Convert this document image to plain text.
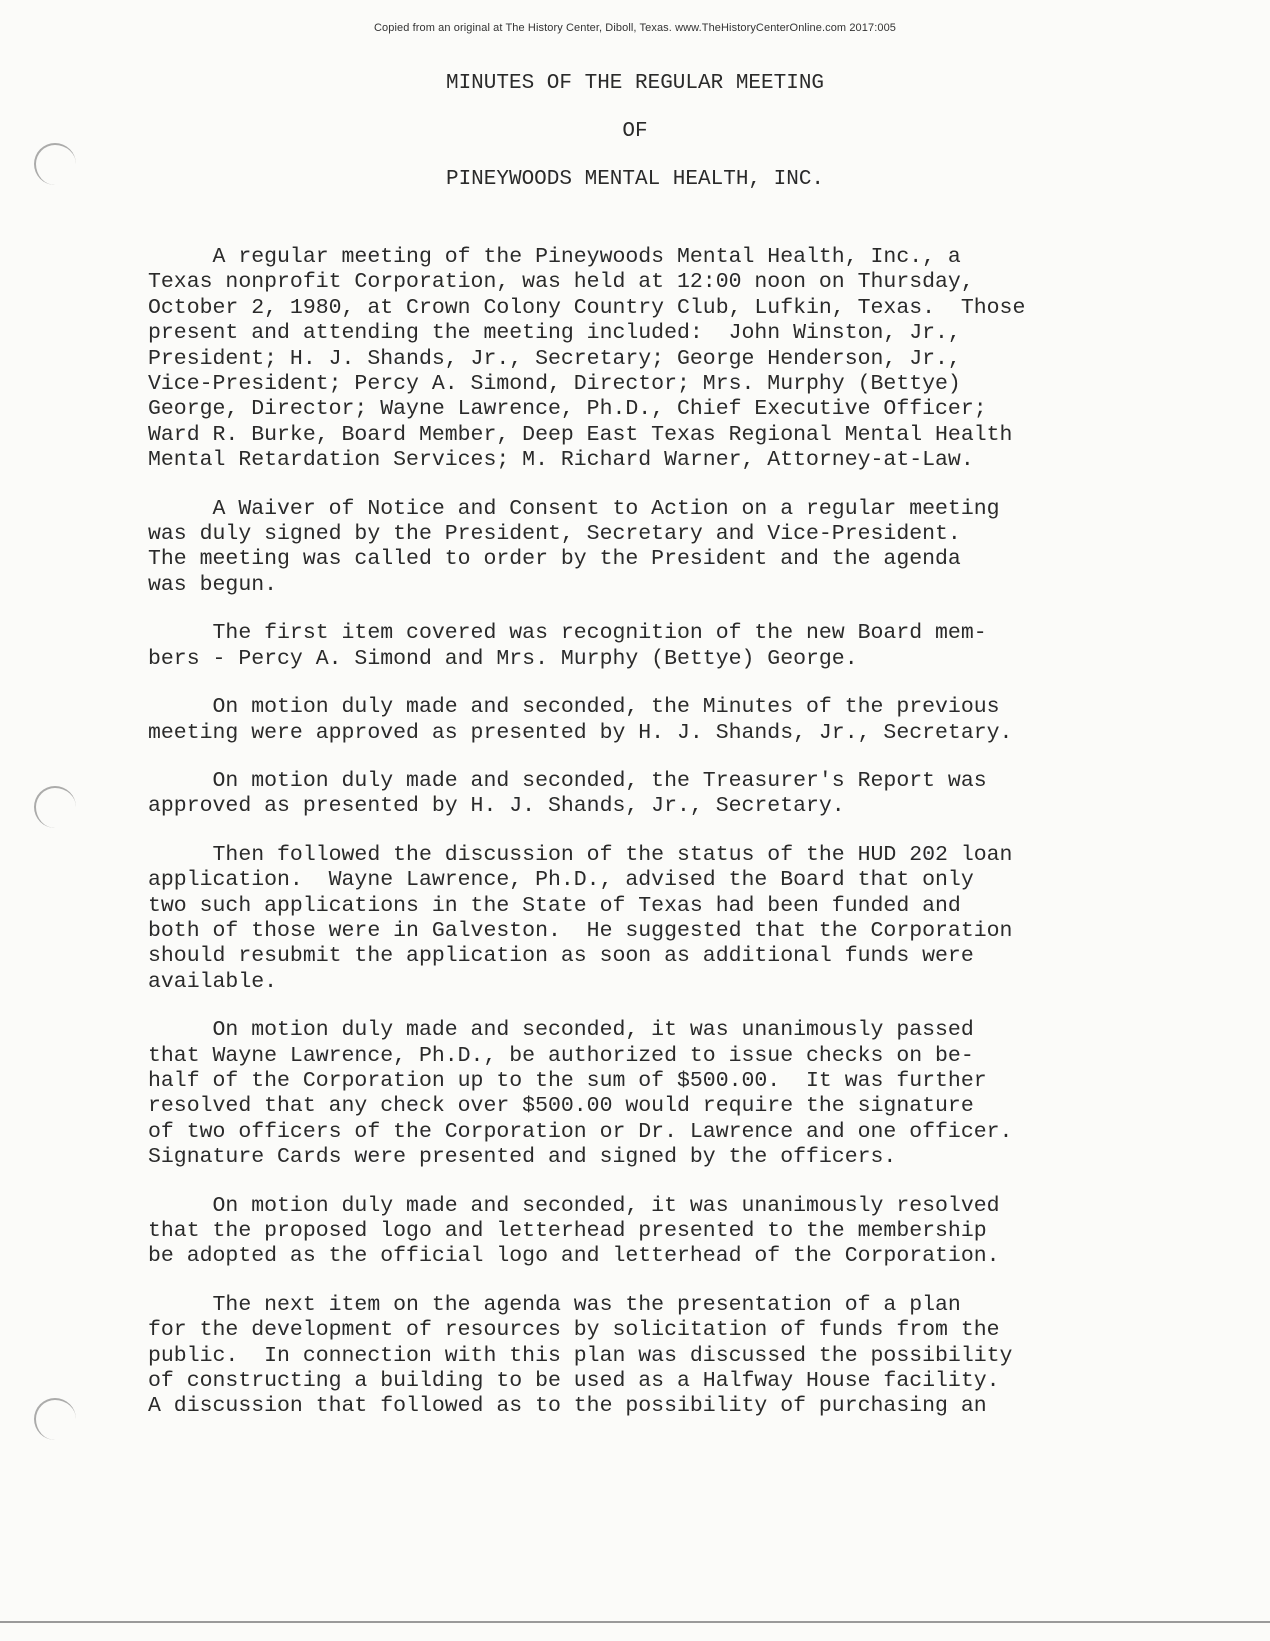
Copied from an original at The History Center, Diboll, Texas. www.TheHistoryCenterOnline.com 2017:005
MINUTES OF THE REGULAR MEETING
OF
PINEYWOODS MENTAL HEALTH, INC.
A regular meeting of the Pineywoods Mental Health, Inc., a
Texas nonprofit Corporation, was held at 12:00 noon on Thursday,
October 2, 1980, at Crown Colony Country Club, Lufkin, Texas.  Those
present and attending the meeting included:  John Winston, Jr.,
President; H. J. Shands, Jr., Secretary; George Henderson, Jr.,
Vice-President; Percy A. Simond, Director; Mrs. Murphy (Bettye)
George, Director; Wayne Lawrence, Ph.D., Chief Executive Officer;
Ward R. Burke, Board Member, Deep East Texas Regional Mental Health
Mental Retardation Services; M. Richard Warner, Attorney-at-Law.
A Waiver of Notice and Consent to Action on a regular meeting
was duly signed by the President, Secretary and Vice-President.
The meeting was called to order by the President and the agenda
was begun.
The first item covered was recognition of the new Board mem-
bers - Percy A. Simond and Mrs. Murphy (Bettye) George.
On motion duly made and seconded, the Minutes of the previous
meeting were approved as presented by H. J. Shands, Jr., Secretary.
On motion duly made and seconded, the Treasurer's Report was
approved as presented by H. J. Shands, Jr., Secretary.
Then followed the discussion of the status of the HUD 202 loan
application.  Wayne Lawrence, Ph.D., advised the Board that only
two such applications in the State of Texas had been funded and
both of those were in Galveston.  He suggested that the Corporation
should resubmit the application as soon as additional funds were
available.
On motion duly made and seconded, it was unanimously passed
that Wayne Lawrence, Ph.D., be authorized to issue checks on be-
half of the Corporation up to the sum of $500.00.  It was further
resolved that any check over $500.00 would require the signature
of two officers of the Corporation or Dr. Lawrence and one officer.
Signature Cards were presented and signed by the officers.
On motion duly made and seconded, it was unanimously resolved
that the proposed logo and letterhead presented to the membership
be adopted as the official logo and letterhead of the Corporation.
The next item on the agenda was the presentation of a plan
for the development of resources by solicitation of funds from the
public.  In connection with this plan was discussed the possibility
of constructing a building to be used as a Halfway House facility.
A discussion that followed as to the possibility of purchasing an
